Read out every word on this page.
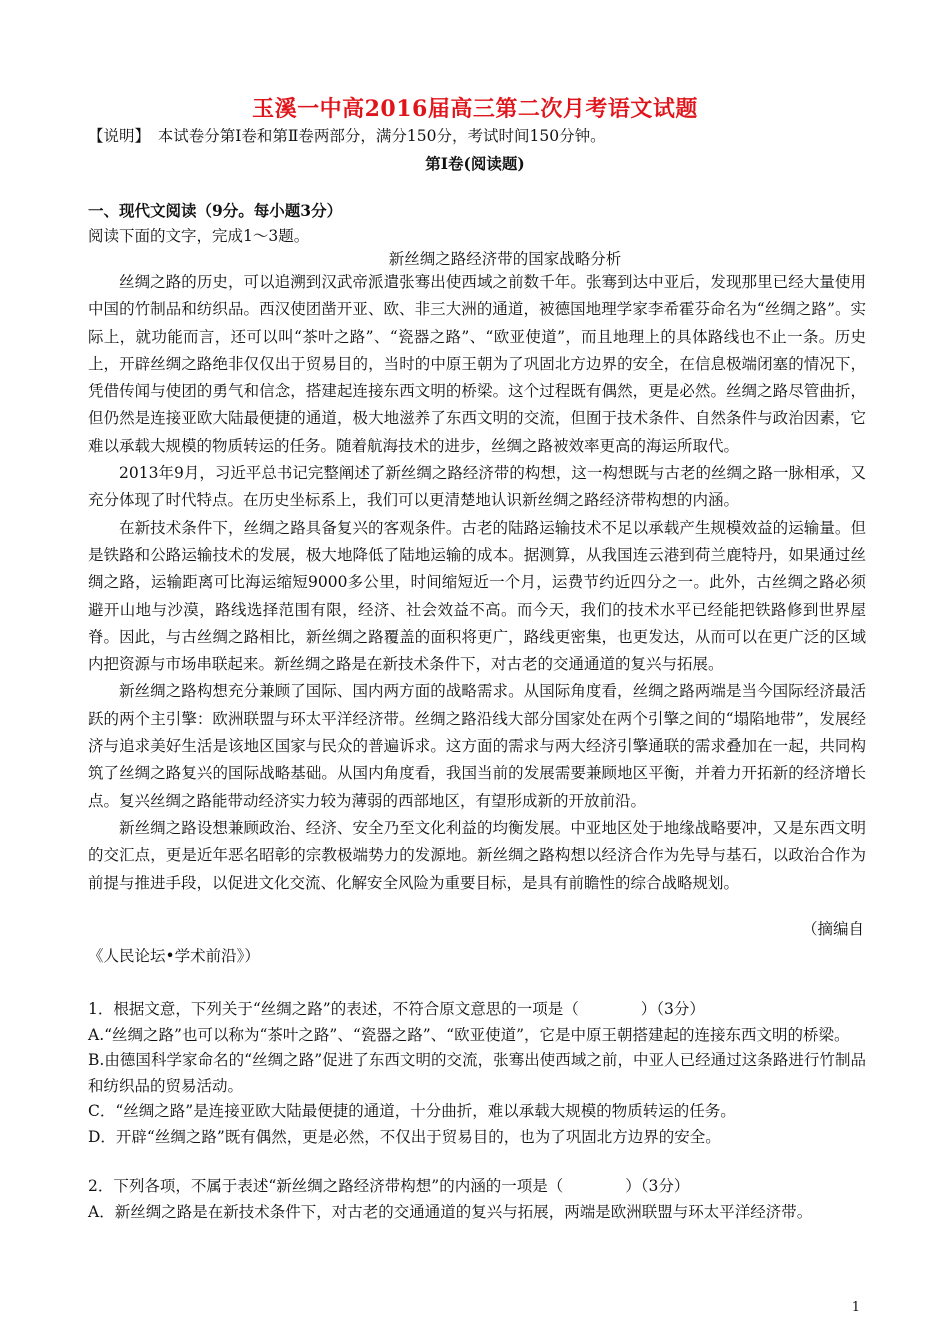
玉溪一中高2016届高三第二次月考语文试题
【说明】　本试卷分第Ⅰ卷和第Ⅱ卷两部分，满分150分，考试时间150分钟。
第Ⅰ卷(阅读题)
一、现代文阅读（9分。每小题3分）
阅读下面的文字，完成1～3题。
新丝绸之路经济带的国家战略分析

丝绸之路的历史，可以追溯到汉武帝派遣张骞出使西域之前数千年。张骞到达中亚后，发现那里已经大量使用中国的竹制品和纺织品。西汉使团凿开亚、欧、非三大洲的通道，被德国地理学家李希霍芬命名为“丝绸之路”。实际上，就功能而言，还可以叫“茶叶之路”、“瓷器之路”、“欧亚使道”，而且地理上的具体路线也不止一条。历史上，开辟丝绸之路绝非仅仅出于贸易目的，当时的中原王朝为了巩固北方边界的安全，在信息极端闭塞的情况下，凭借传闻与使团的勇气和信念，搭建起连接东西文明的桥梁。这个过程既有偶然，更是必然。丝绸之路尽管曲折，但仍然是连接亚欧大陆最便捷的通道，极大地滋养了东西文明的交流，但囿于技术条件、自然条件与政治因素，它难以承载大规模的物质转运的任务。随着航海技术的进步，丝绸之路被效率更高的海运所取代。

2013年9月，习近平总书记完整阐述了新丝绸之路经济带的构想，这一构想既与古老的丝绸之路一脉相承，又充分体现了时代特点。在历史坐标系上，我们可以更清楚地认识新丝绸之路经济带构想的内涵。

在新技术条件下，丝绸之路具备复兴的客观条件。古老的陆路运输技术不足以承载产生规模效益的运输量。但是铁路和公路运输技术的发展，极大地降低了陆地运输的成本。据测算，从我国连云港到荷兰鹿特丹，如果通过丝绸之路，运输距离可比海运缩短9000多公里，时间缩短近一个月，运费节约近四分之一。此外，古丝绸之路必须避开山地与沙漠，路线选择范围有限，经济、社会效益不高。而今天，我们的技术水平已经能把铁路修到世界屋脊。因此，与古丝绸之路相比，新丝绸之路覆盖的面积将更广，路线更密集，也更发达，从而可以在更广泛的区域内把资源与市场串联起来。新丝绸之路是在新技术条件下，对古老的交通通道的复兴与拓展。

新丝绸之路构想充分兼顾了国际、国内两方面的战略需求。从国际角度看，丝绸之路两端是当今国际经济最活跃的两个主引擎：欧洲联盟与环太平洋经济带。丝绸之路沿线大部分国家处在两个引擎之间的“塌陷地带”，发展经济与追求美好生活是该地区国家与民众的普遍诉求。这方面的需求与两大经济引擎通联的需求叠加在一起，共同构筑了丝绸之路复兴的国际战略基础。从国内角度看，我国当前的发展需要兼顾地区平衡，并着力开拓新的经济增长点。复兴丝绸之路能带动经济实力较为薄弱的西部地区，有望形成新的开放前沿。

新丝绸之路设想兼顾政治、经济、安全乃至文化利益的均衡发展。中亚地区处于地缘战略要冲，又是东西文明的交汇点，更是近年恶名昭彰的宗教极端势力的发源地。新丝绸之路构想以经济合作为先导与基石，以政治合作为前提与推进手段，以促进文化交流、化解安全风险为重要目标，是具有前瞻性的综合战略规划。

（摘编自
《人民论坛•学术前沿》）

1．根据文意，下列关于“丝绸之路”的表述，不符合原文意思的一项是（　　　　）（3分）

A.“丝绸之路”也可以称为“茶叶之路”、“瓷器之路”、“欧亚使道”，它是中原王朝搭建起的连接东西文明的桥梁。

B.由德国科学家命名的“丝绸之路”促进了东西文明的交流，张骞出使西域之前，中亚人已经通过这条路进行竹制品和纺织品的贸易活动。

C．“丝绸之路”是连接亚欧大陆最便捷的通道，十分曲折，难以承载大规模的物质转运的任务。

D．开辟“丝绸之路”既有偶然，更是必然，不仅出于贸易目的，也为了巩固北方边界的安全。

2．下列各项，不属于表述“新丝绸之路经济带构想”的内涵的一项是（　　　　）（3分）

A．新丝绸之路是在新技术条件下，对古老的交通通道的复兴与拓展，两端是欧洲联盟与环太平洋经济带。

1
